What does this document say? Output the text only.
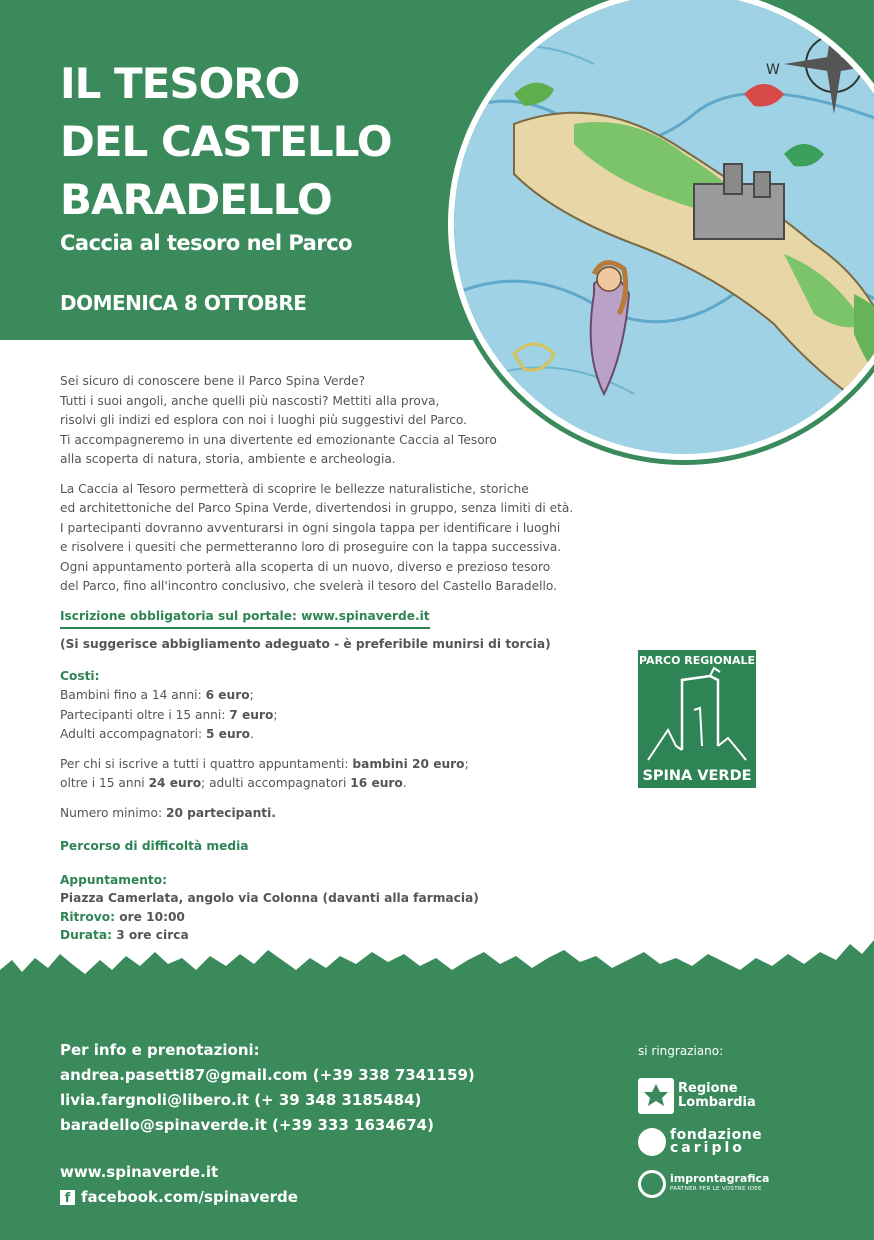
IL TESORO
DEL CASTELLO
BARADELLO
Caccia al tesoro nel Parco
DOMENICA 8 OTTOBRE
W

Sei sicuro di conoscere bene il Parco Spina Verde?
Tutti i suoi angoli, anche quelli più nascosti? Mettiti alla prova,
risolvi gli indizi ed esplora con noi i luoghi più suggestivi del Parco.
Ti accompagneremo in una divertente ed emozionante Caccia al Tesoro
alla scoperta di natura, storia, ambiente e archeologia.

La Caccia al Tesoro permetterà di scoprire le bellezze naturalistiche, storiche
ed architettoniche del Parco Spina Verde, divertendosi in gruppo, senza limiti di età.
I partecipanti dovranno avventurarsi in ogni singola tappa per identificare i luoghi
e risolvere i quesiti che permetteranno loro di proseguire con la tappa successiva.
Ogni appuntamento porterà alla scoperta di un nuovo, diverso e prezioso tesoro
del Parco, fino all'incontro conclusivo, che svelerà il tesoro del Castello Baradello.

Iscrizione obbligatoria sul portale: www.spinaverde.it
(Si suggerisce abbigliamento adeguato - è preferibile munirsi di torcia)
Costi:
Bambini fino a 14 anni: 6 euro;
Partecipanti oltre i 15 anni: 7 euro;
Adulti accompagnatori: 5 euro.
Per chi si iscrive a tutti i quattro appuntamenti: bambini 20 euro;
oltre i 15 anni 24 euro; adulti accompagnatori 16 euro.
Numero minimo: 20 partecipanti.
Percorso di difficoltà media
Appuntamento:
Piazza Camerlata, angolo via Colonna (davanti alla farmacia)
Ritrovo: ore 10:00
Durata: 3 ore circa
PARCO REGIONALE
SPINA VERDE
Per info e prenotazioni:
andrea.pasetti87@gmail.com (+39 338 7341159)
livia.fargnoli@libero.it (+ 39 348 3185484)
baradello@spinaverde.it (+39 333 1634674)
www.spinaverde.it
f facebook.com/spinaverde
si ringraziano:
Regione
Lombardia
fondazione
cariplo
improntagrafica
PARTNER PER LE VOSTRE IDEE
